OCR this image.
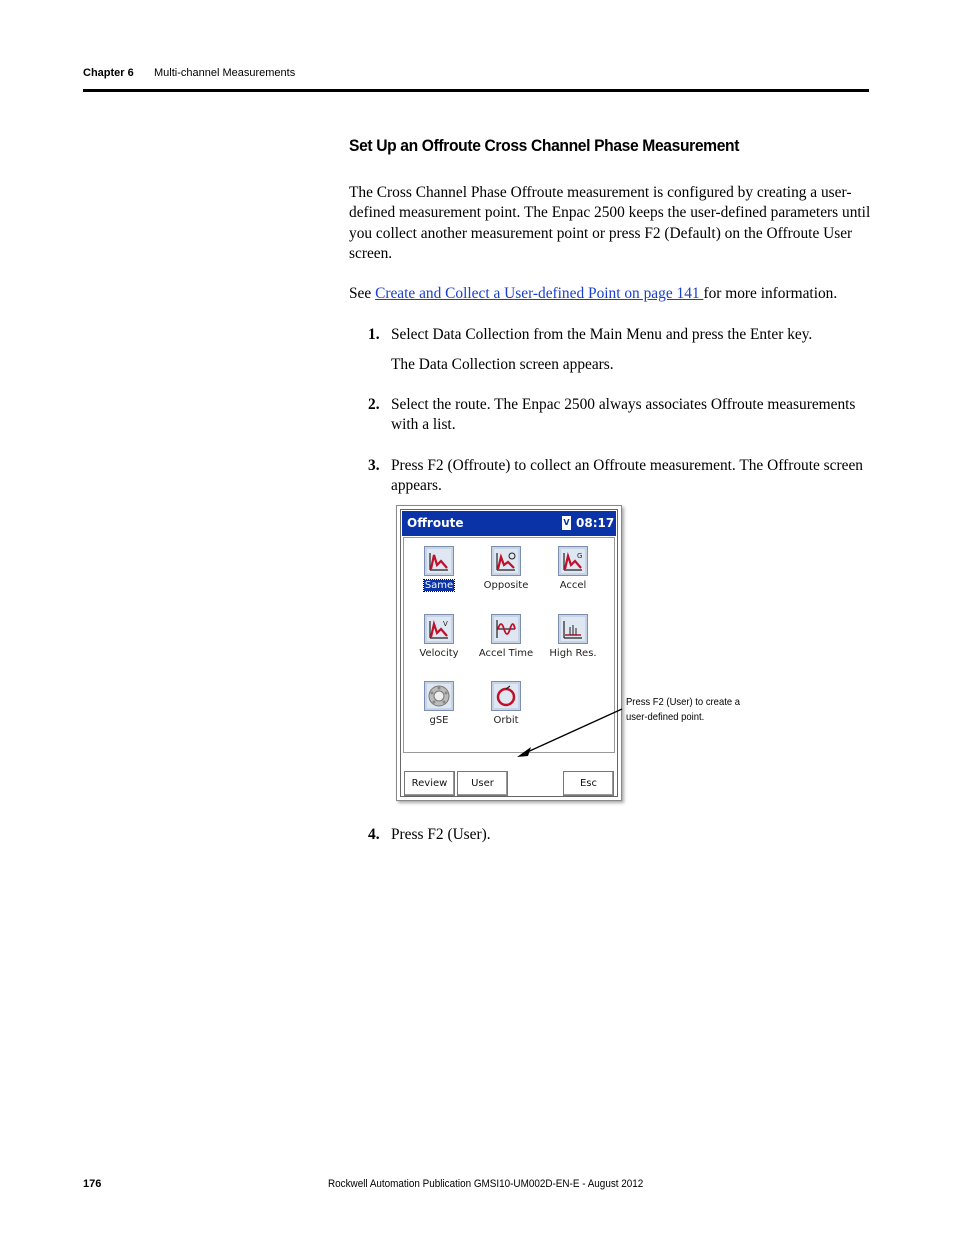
Chapter 6 Multi-channel Measurements
Set Up an Offroute Cross Channel Phase Measurement
The Cross Channel Phase Offroute measurement is configured by creating a user-defined measurement point. The Enpac 2500 keeps the user-defined parameters until you collect another measurement point or press F2 (Default) on the Offroute User screen.
See Create and Collect a User-defined Point on page 141 for more information.
1. Select Data Collection from the Main Menu and press the Enter key.
The Data Collection screen appears.
2. Select the route. The Enpac 2500 always associates Offroute measurements with a list.
3. Press F2 (Offroute) to collect an Offroute measurement. The Offroute screen appears.
Offroute	V 08:17
Same	Opposite
G
Accel
V
Velocity	Accel Time	High Res.
gSE	Orbit
Review	User	Esc
Press F2 (User) to create a user-defined point.
4. Press F2 (User).
176	Rockwell Automation Publication GMSI10-UM002D-EN-E - August 2012
